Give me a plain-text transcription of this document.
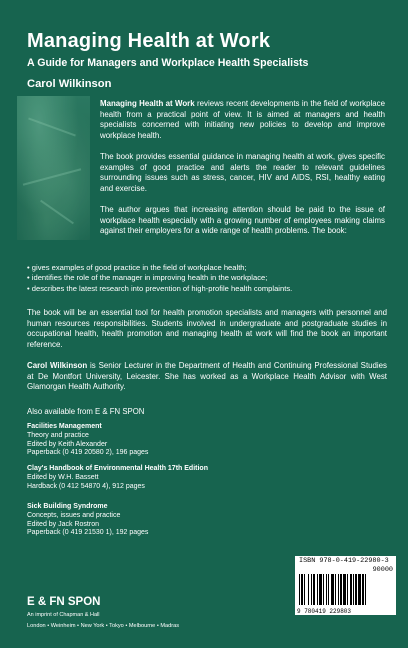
Managing Health at Work
A Guide for Managers and Workplace Health Specialists
Carol Wilkinson
Managing Health at Work reviews recent developments in the field of workplace health from a practical point of view. It is aimed at managers and health specialists concerned with initiating new policies to develop and improve workplace health.
The book provides essential guidance in managing health at work, gives specific examples of good practice and alerts the reader to relevant guidelines surrounding issues such as stress, cancer, HIV and AIDS, RSI, healthy eating and exercise.
The author argues that increasing attention should be paid to the issue of workplace health especially with a growing number of employees making claims against their employers for a wide range of health problems. The book:
• gives examples of good practice in the field of workplace health;
• identifies the role of the manager in improving health in the workplace;
• describes the latest research into prevention of high-profile health complaints.
The book will be an essential tool for health promotion specialists and managers with personnel and human resources responsibilities. Students involved in undergraduate and postgraduate studies in occupational health, health promotion and managing health at work will find the book an important reference.
Carol Wilkinson is Senior Lecturer in the Department of Health and Continuing Professional Studies at De Montfort University, Leicester. She has worked as a Workplace Health Advisor with West Glamorgan Health Authority.
Also available from E & FN SPON
Facilities Management
Theory and practice
Edited by Keith Alexander
Paperback (0 419 20580 2), 196 pages
Clay's Handbook of Environmental Health 17th Edition
Edited by W.H. Bassett
Hardback (0 412 54870 4), 912 pages
Sick Building Syndrome
Concepts, issues and practice
Edited by Jack Rostron
Paperback (0 419 21530 1), 192 pages
E & FN SPON
An imprint of Chapman & Hall
London • Weinheim • New York • Tokyo • Melbourne • Madras
ISBN 978-0-419-22980-3
90000
9 780419 229803
